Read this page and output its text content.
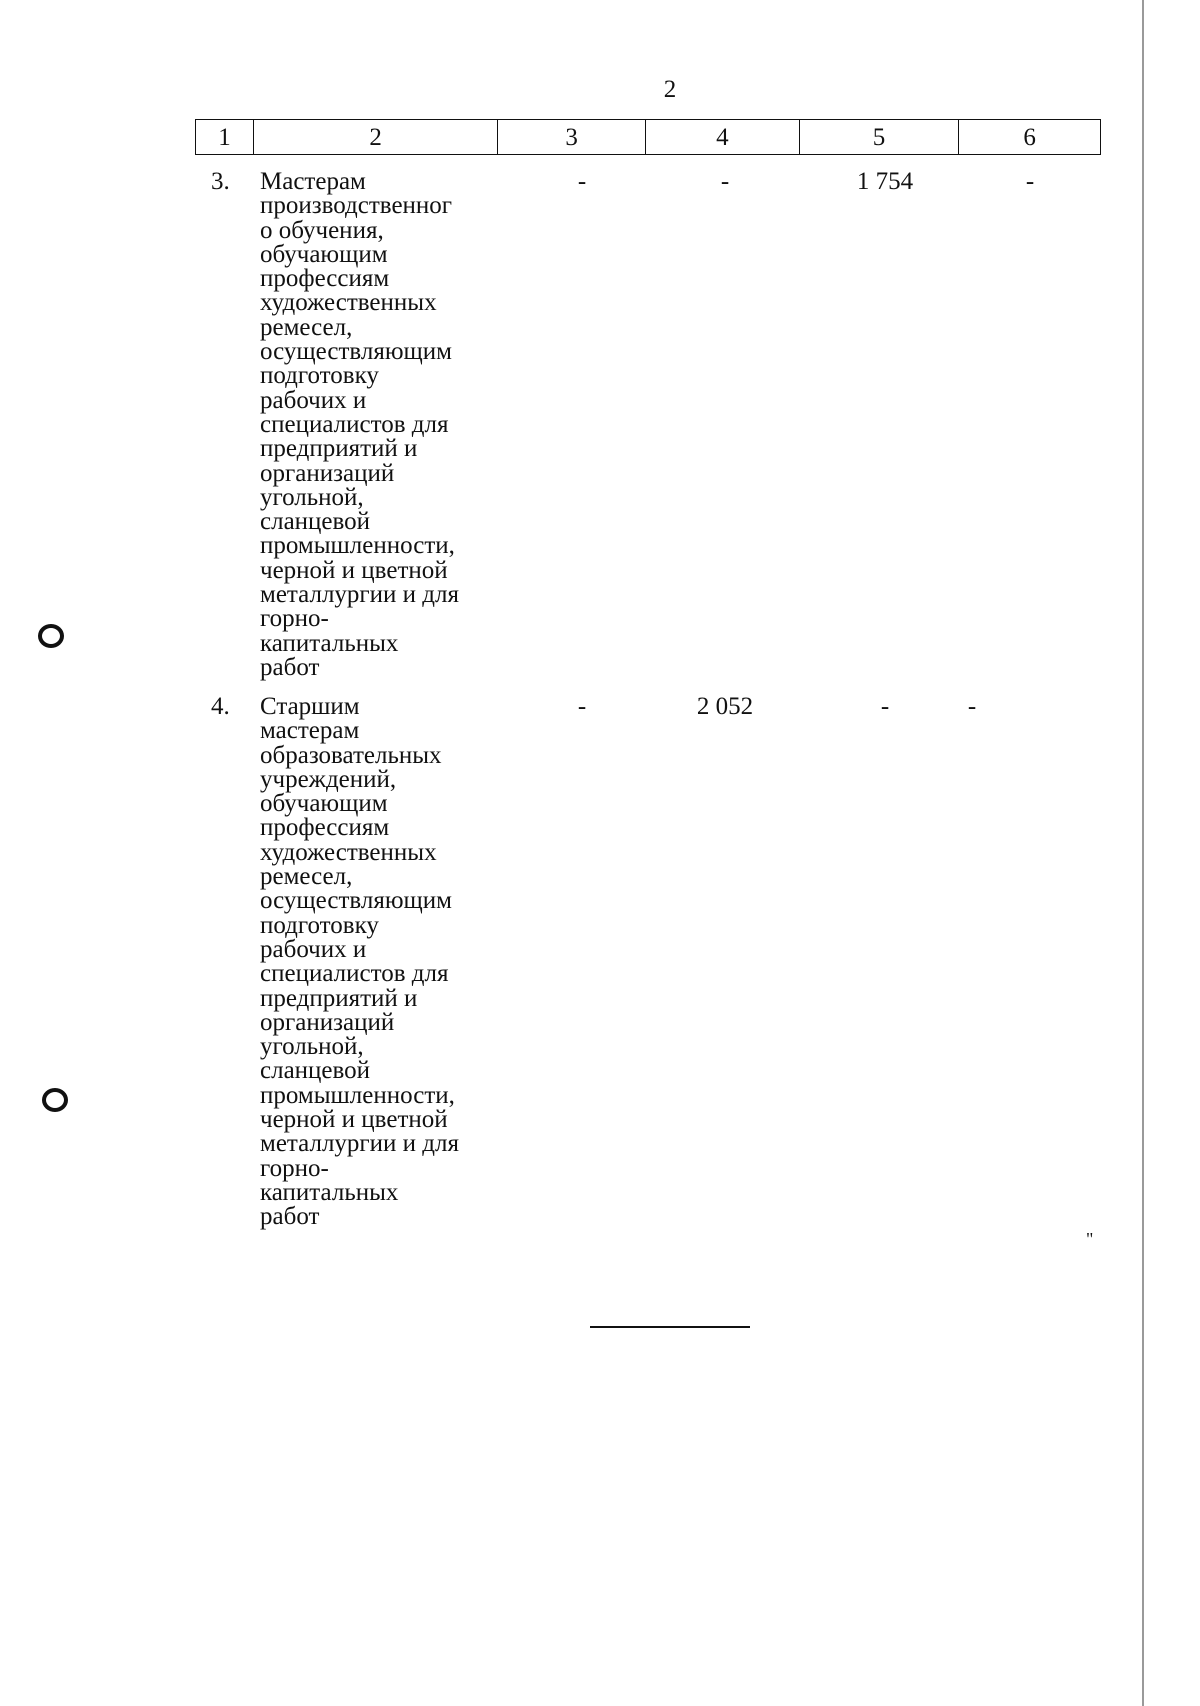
2
1	2	3	4	5	6
3. Мастерам
производственног
о обучения,
обучающим
профессиям
художественных
ремесел,
осуществляющим
подготовку
рабочих и
специалистов для
предприятий и
организаций
угольной,
сланцевой
промышленности,
черной и цветной
металлургии и для
горно-
капитальных
работ
-	-	1 754	-
4. Старшим
мастерам
образовательных
учреждений,
обучающим
профессиям
художественных
ремесел,
осуществляющим
подготовку
рабочих и
специалистов для
предприятий и
организаций
угольной,
сланцевой
промышленности,
черной и цветной
металлургии и для
горно-
капитальных
работ
-	2 052	-	-
"
